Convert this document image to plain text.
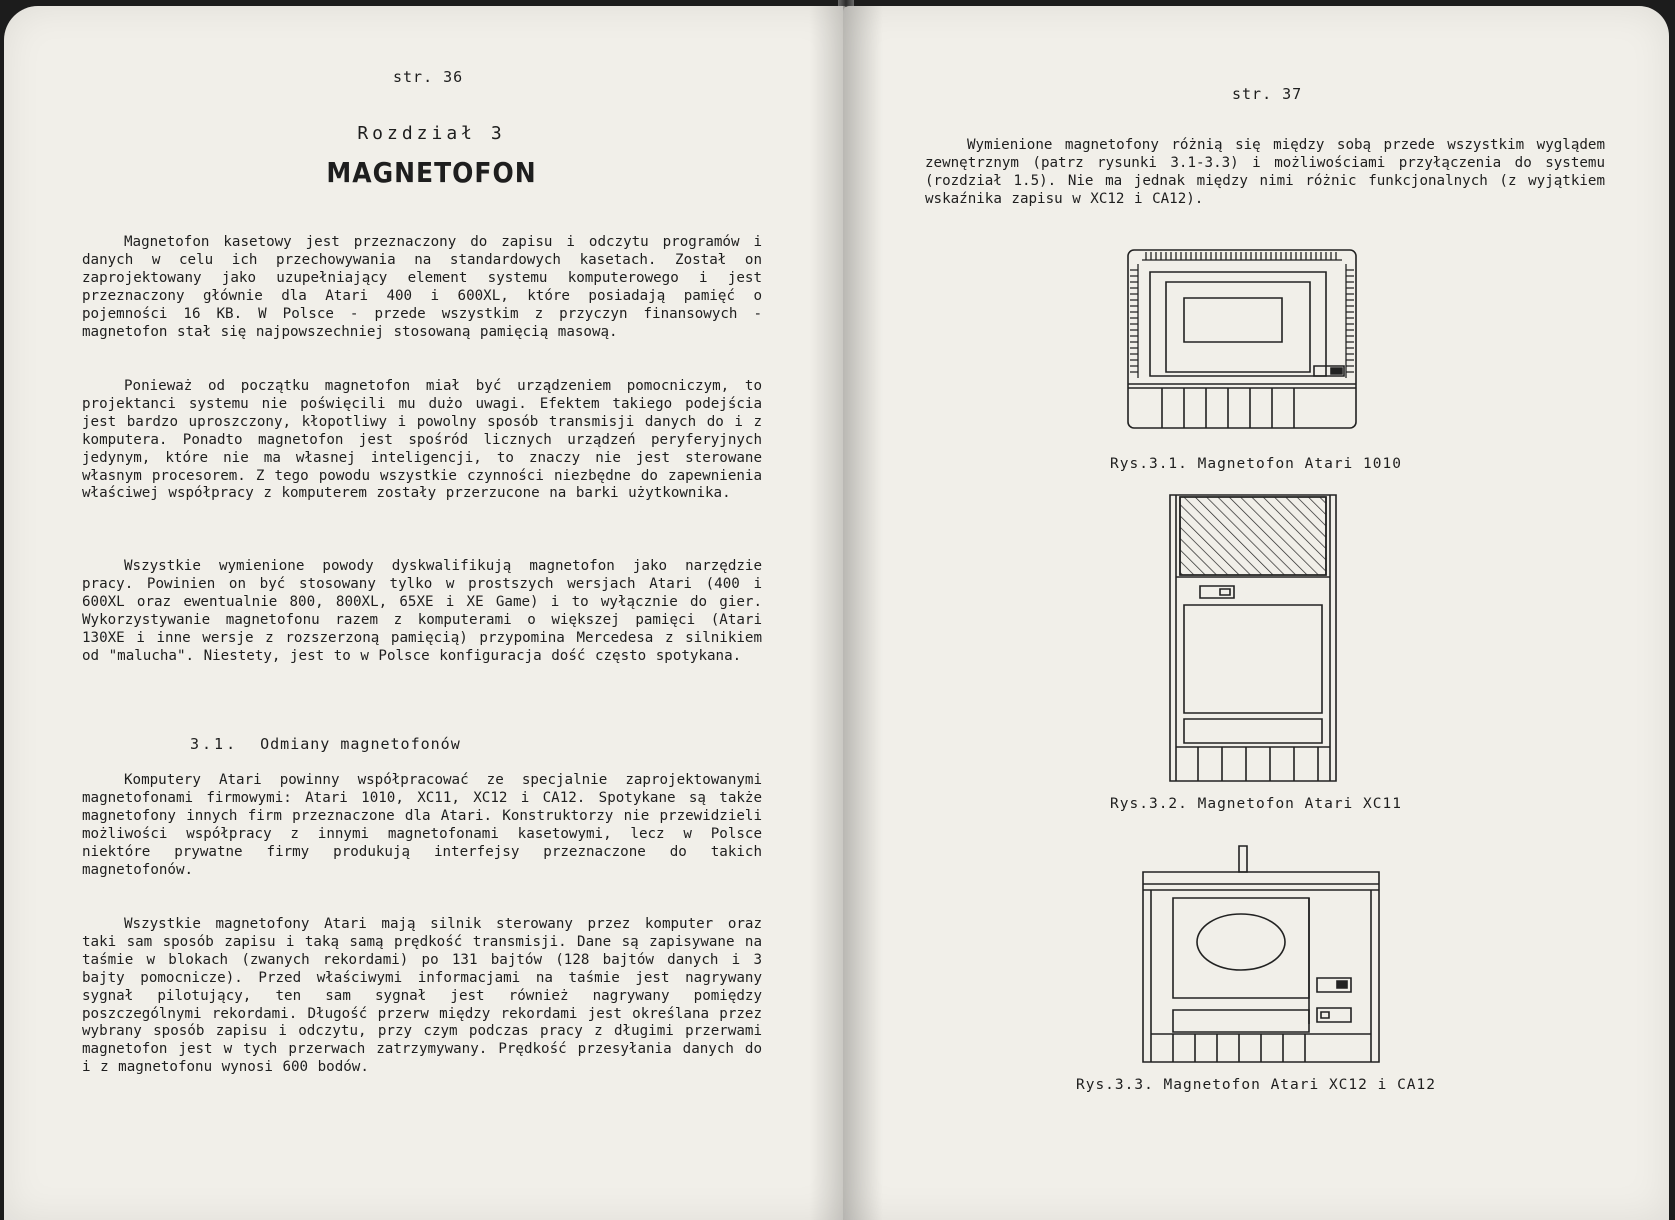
str. 36
Rozdział 3
MAGNETOFON

Magnetofon kasetowy jest przeznaczony do zapisu i odczytu programów i danych w celu ich przechowywania na standardowych kasetach. Został on zaprojektowany jako uzupełniający element systemu komputerowego i jest przeznaczony głównie dla Atari 400 i 600XL, które posiadają pamięć o pojemności 16 KB. W Polsce - przede wszystkim z przyczyn finansowych - magnetofon stał się najpowszechniej stosowaną pamięcią masową.

Ponieważ od początku magnetofon miał być urządzeniem pomocniczym, to projektanci systemu nie poświęcili mu dużo uwagi. Efektem takiego podejścia jest bardzo uproszczony, kłopotliwy i powolny sposób transmisji danych do i z komputera. Ponadto magnetofon jest spośród licznych urządzeń peryferyjnych jedynym, które nie ma własnej inteligencji, to znaczy nie jest sterowane własnym procesorem. Z tego powodu wszystkie czynności niezbędne do zapewnienia właściwej współpracy z komputerem zostały przerzucone na barki użytkownika.

Wszystkie wymienione powody dyskwalifikują magnetofon jako narzędzie pracy. Powinien on być stosowany tylko w prostszych wersjach Atari (400 i 600XL oraz ewentualnie 800, 800XL, 65XE i XE Game) i to wyłącznie do gier. Wykorzystywanie magnetofonu razem z komputerami o większej pamięci (Atari 130XE i inne wersje z rozszerzoną pamięcią) przypomina Mercedesa z silnikiem od "malucha". Niestety, jest to w Polsce konfiguracja dość często spotykana.

3.1. Odmiany magnetofonów

Komputery Atari powinny współpracować ze specjalnie zaprojektowanymi magnetofonami firmowymi: Atari 1010, XC11, XC12 i CA12. Spotykane są także magnetofony innych firm przeznaczone dla Atari. Konstruktorzy nie przewidzieli możliwości współpracy z innymi magnetofonami kasetowymi, lecz w Polsce niektóre prywatne firmy produkują interfejsy przeznaczone do takich magnetofonów.

Wszystkie magnetofony Atari mają silnik sterowany przez komputer oraz taki sam sposób zapisu i taką samą prędkość transmisji. Dane są zapisywane na taśmie w blokach (zwanych rekordami) po 131 bajtów (128 bajtów danych i 3 bajty pomocnicze). Przed właściwymi informacjami na taśmie jest nagrywany sygnał pilotujący, ten sam sygnał jest również nagrywany pomiędzy poszczególnymi rekordami. Długość przerw między rekordami jest określana przez wybrany sposób zapisu i odczytu, przy czym podczas pracy z długimi przerwami magnetofon jest w tych przerwach zatrzymywany. Prędkość przesyłania danych do i z magnetofonu wynosi 600 bodów.

str. 37

Wymienione magnetofony różnią się między sobą przede wszystkim wyglądem zewnętrznym (patrz rysunki 3.1-3.3) i możliwościami przyłączenia do systemu (rozdział 1.5). Nie ma jednak między nimi różnic funkcjonalnych (z wyjątkiem wskaźnika zapisu w XC12 i CA12).

Rys.3.1. Magnetofon Atari 1010
Rys.3.2. Magnetofon Atari XC11
Rys.3.3. Magnetofon Atari XC12 i CA12
